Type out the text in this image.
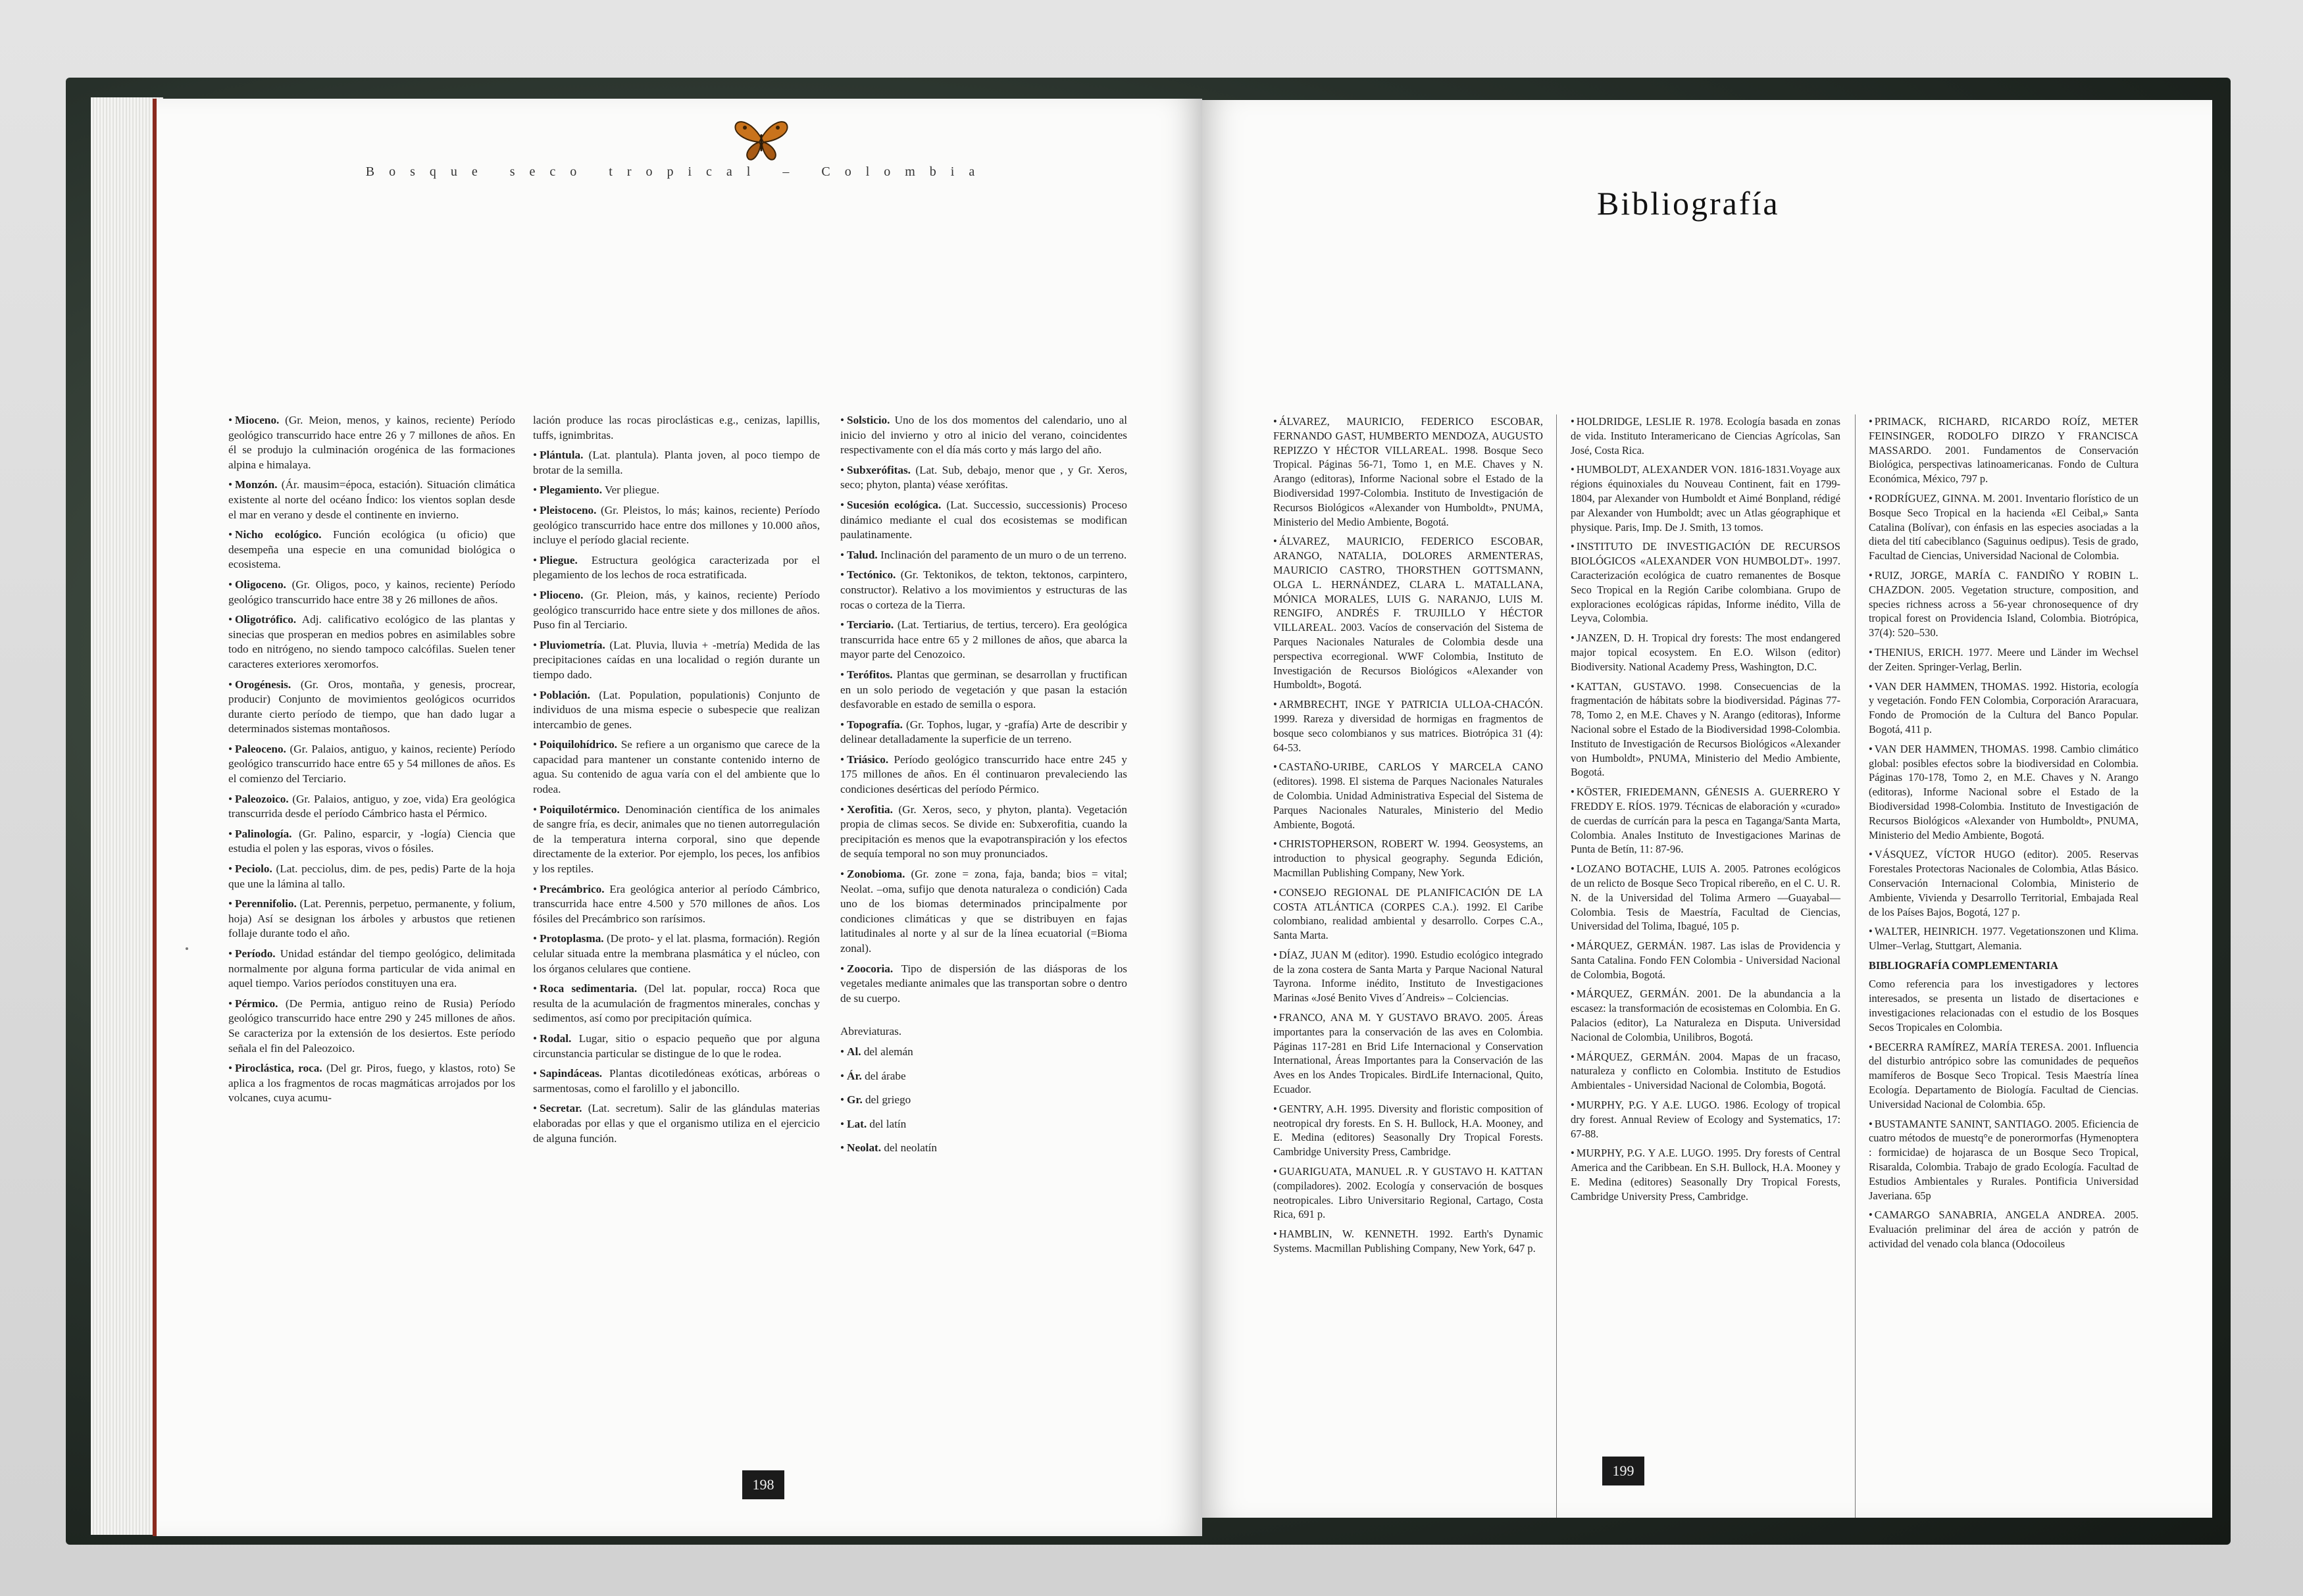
Bosque seco tropical – Colombia
• Mioceno. (Gr. Meion, menos, y kainos, reciente) Período geológico transcurrido hace entre 26 y 7 millones de años. En él se produjo la culminación orogénica de las formaciones alpina e himalaya.
• Monzón. (Ár. mausim=época, estación). Situación climática existente al norte del océano Índico: los vientos soplan desde el mar en verano y desde el continente en invierno.
• Nicho ecológico. Función ecológica (u oficio) que desempeña una especie en una comunidad biológica o ecosistema.
• Oligoceno. (Gr. Oligos, poco, y kainos, reciente) Período geológico transcurrido hace entre 38 y 26 millones de años.
• Oligotrófico. Adj. calificativo ecológico de las plantas y sinecias que prosperan en medios pobres en asimilables sobre todo en nitrógeno, no siendo tampoco calcófilas. Suelen tener caracteres exteriores xeromorfos.
• Orogénesis. (Gr. Oros, montaña, y genesis, procrear, producir) Conjunto de movimientos geológicos ocurridos durante cierto período de tiempo, que han dado lugar a determinados sistemas montañosos.
• Paleoceno. (Gr. Palaios, antiguo, y kainos, reciente) Período geológico transcurrido hace entre 65 y 54 millones de años. Es el comienzo del Terciario.
• Paleozoico. (Gr. Palaios, antiguo, y zoe, vida) Era geológica transcurrida desde el período Cámbrico hasta el Pérmico.
• Palinología. (Gr. Palino, esparcir, y -logía) Ciencia que estudia el polen y las esporas, vivos o fósiles.
• Peciolo. (Lat. pecciolus, dim. de pes, pedis) Parte de la hoja que une la lámina al tallo.
• Perennifolio. (Lat. Perennis, perpetuo, permanente, y folium, hoja) Así se designan los árboles y arbustos que retienen follaje durante todo el año.
• Período. Unidad estándar del tiempo geológico, delimitada normalmente por alguna forma particular de vida animal en aquel tiempo. Varios períodos constituyen una era.
• Pérmico. (De Permia, antiguo reino de Rusia) Período geológico transcurrido hace entre 290 y 245 millones de años. Se caracteriza por la extensión de los desiertos. Este período señala el fin del Paleozoico.
• Piroclástica, roca. (Del gr. Piros, fuego, y klastos, roto) Se aplica a los fragmentos de rocas magmáticas arrojados por los volcanes, cuya acumu-
lación produce las rocas piroclásticas e.g., cenizas, lapillis, tuffs, ignimbritas.
• Plántula. (Lat. plantula). Planta joven, al poco tiempo de brotar de la semilla.
• Plegamiento. Ver pliegue.
• Pleistoceno. (Gr. Pleistos, lo más; kainos, reciente) Período geológico transcurrido hace entre dos millones y 10.000 años, incluye el período glacial reciente.
• Pliegue. Estructura geológica caracterizada por el plegamiento de los lechos de roca estratificada.
• Plioceno. (Gr. Pleion, más, y kainos, reciente) Período geológico transcurrido hace entre siete y dos millones de años. Puso fin al Terciario.
• Pluviometría. (Lat. Pluvia, lluvia + -metría) Medida de las precipitaciones caídas en una localidad o región durante un tiempo dado.
• Población. (Lat. Population, populationis) Conjunto de individuos de una misma especie o subespecie que realizan intercambio de genes.
• Poiquilohídrico. Se refiere a un organismo que carece de la capacidad para mantener un constante contenido interno de agua. Su contenido de agua varía con el del ambiente que lo rodea.
• Poiquilotérmico. Denominación científica de los animales de sangre fría, es decir, animales que no tienen autorregulación de la temperatura interna corporal, sino que depende directamente de la exterior. Por ejemplo, los peces, los anfibios y los reptiles.
• Precámbrico. Era geológica anterior al período Cámbrico, transcurrida hace entre 4.500 y 570 millones de años. Los fósiles del Precámbrico son rarísimos.
• Protoplasma. (De proto- y el lat. plasma, formación). Región celular situada entre la membrana plasmática y el núcleo, con los órganos celulares que contiene.
• Roca sedimentaria. (Del lat. popular, rocca) Roca que resulta de la acumulación de fragmentos minerales, conchas y sedimentos, así como por precipitación química.
• Rodal. Lugar, sitio o espacio pequeño que por alguna circunstancia particular se distingue de lo que le rodea.
• Sapindáceas. Plantas dicotiledóneas exóticas, arbóreas o sarmentosas, como el farolillo y el jaboncillo.
• Secretar. (Lat. secretum). Salir de las glándulas materias elaboradas por ellas y que el organismo utiliza en el ejercicio de alguna función.
• Solsticio. Uno de los dos momentos del calendario, uno al inicio del invierno y otro al inicio del verano, coincidentes respectivamente con el día más corto y más largo del año.
• Subxerófitas. (Lat. Sub, debajo, menor que , y Gr. Xeros, seco; phyton, planta) véase xerófitas.
• Sucesión ecológica. (Lat. Successio, successionis) Proceso dinámico mediante el cual dos ecosistemas se modifican paulatinamente.
• Talud. Inclinación del paramento de un muro o de un terreno.
• Tectónico. (Gr. Tektonikos, de tekton, tektonos, carpintero, constructor). Relativo a los movimientos y estructuras de las rocas o corteza de la Tierra.
• Terciario. (Lat. Tertiarius, de tertius, tercero). Era geológica transcurrida hace entre 65 y 2 millones de años, que abarca la mayor parte del Cenozoico.
• Terófitos. Plantas que germinan, se desarrollan y fructifican en un solo periodo de vegetación y que pasan la estación desfavorable en estado de semilla o espora.
• Topografía. (Gr. Tophos, lugar, y -grafía) Arte de describir y delinear detalladamente la superficie de un terreno.
• Triásico. Período geológico transcurrido hace entre 245 y 175 millones de años. En él continuaron prevaleciendo las condiciones desérticas del período Pérmico.
• Xerofitia. (Gr. Xeros, seco, y phyton, planta). Vegetación propia de climas secos. Se divide en: Subxerofitia, cuando la precipitación es menos que la evapotranspiración y los efectos de sequía temporal no son muy pronunciados.
• Zonobioma. (Gr. zone = zona, faja, banda; bios = vital; Neolat. –oma, sufijo que denota naturaleza o condición) Cada uno de los biomas determinados principalmente por condiciones climáticas y que se distribuyen en fajas latitudinales al norte y al sur de la línea ecuatorial (=Bioma zonal).
• Zoocoria. Tipo de dispersión de las diásporas de los vegetales mediante animales que las transportan sobre o dentro de su cuerpo.
Abreviaturas.
• Al. del alemán
• Ár. del árabe
• Gr. del griego
• Lat. del latín
• Neolat. del neolatín
198
Bibliografía
• ÁLVAREZ, MAURICIO, FEDERICO ESCOBAR, FERNANDO GAST, HUMBERTO MENDOZA, AUGUSTO REPIZZO Y HÉCTOR VILLAREAL. 1998. Bosque Seco Tropical. Páginas 56-71, Tomo 1, en M.E. Chaves y N. Arango (editoras), Informe Nacional sobre el Estado de la Biodiversidad 1997-Colombia. Instituto de Investigación de Recursos Biológicos «Alexander von Humboldt», PNUMA, Ministerio del Medio Ambiente, Bogotá.
• ÁLVAREZ, MAURICIO, FEDERICO ESCOBAR, ARANGO, NATALIA, DOLORES ARMENTERAS, MAURICIO CASTRO, THORSTHEN GOTTSMANN, OLGA L. HERNÁNDEZ, CLARA L. MATALLANA, MÓNICA MORALES, LUIS G. NARANJO, LUIS M. RENGIFO, ANDRÉS F. TRUJILLO Y HÉCTOR VILLAREAL. 2003. Vacíos de conservación del Sistema de Parques Nacionales Naturales de Colombia desde una perspectiva ecorregional. WWF Colombia, Instituto de Investigación de Recursos Biológicos «Alexander von Humboldt», Bogotá.
• ARMBRECHT, INGE Y PATRICIA ULLOA-CHACÓN. 1999. Rareza y diversidad de hormigas en fragmentos de bosque seco colombianos y sus matrices. Biotrópica 31 (4): 64-53.
• CASTAÑO-URIBE, CARLOS Y MARCELA CANO (editores). 1998. El sistema de Parques Nacionales Naturales de Colombia. Unidad Administrativa Especial del Sistema de Parques Nacionales Naturales, Ministerio del Medio Ambiente, Bogotá.
• CHRISTOPHERSON, ROBERT W. 1994. Geosystems, an introduction to physical geography. Segunda Edición, Macmillan Publishing Company, New York.
• CONSEJO REGIONAL DE PLANIFICACIÓN DE LA COSTA ATLÁNTICA (CORPES C.A.). 1992. El Caribe colombiano, realidad ambiental y desarrollo. Corpes C.A., Santa Marta.
• DÍAZ, JUAN M (editor). 1990. Estudio ecológico integrado de la zona costera de Santa Marta y Parque Nacional Natural Tayrona. Informe inédito, Instituto de Investigaciones Marinas «José Benito Vives d´Andreis» – Colciencias.
• FRANCO, ANA M. Y GUSTAVO BRAVO. 2005. Áreas importantes para la conservación de las aves en Colombia. Páginas 117-281 en Brid Life Internacional y Conservation International, Áreas Importantes para la Conservación de las Aves en los Andes Tropicales. BirdLife Internacional, Quito, Ecuador.
• GENTRY, A.H. 1995. Diversity and floristic composition of neotropical dry forests. En S. H. Bullock, H.A. Mooney, and E. Medina (editores) Seasonally Dry Tropical Forests. Cambridge University Press, Cambridge.
• GUARIGUATA, MANUEL .R. Y GUSTAVO H. KATTAN (compiladores). 2002. Ecología y conservación de bosques neotropicales. Libro Universitario Regional, Cartago, Costa Rica, 691 p.
• HAMBLIN, W. KENNETH. 1992. Earth's Dynamic Systems. Macmillan Publishing Company, New York, 647 p.
• HOLDRIDGE, LESLIE R. 1978. Ecología basada en zonas de vida. Instituto Interamericano de Ciencias Agrícolas, San José, Costa Rica.
• HUMBOLDT, ALEXANDER VON. 1816-1831.Voyage aux régions équinoxiales du Nouveau Continent, fait en 1799-1804, par Alexander von Humboldt et Aimé Bonpland, rédigé par Alexander von Humboldt; avec un Atlas géographique et physique. Paris, Imp. De J. Smith, 13 tomos.
• INSTITUTO DE INVESTIGACIÓN DE RECURSOS BIOLÓGICOS «ALEXANDER VON HUMBOLDT». 1997. Caracterización ecológica de cuatro remanentes de Bosque Seco Tropical en la Región Caribe colombiana. Grupo de exploraciones ecológicas rápidas, Informe inédito, Villa de Leyva, Colombia.
• JANZEN, D. H. Tropical dry forests: The most endangered major topical ecosystem. En E.O. Wilson (editor) Biodiversity. National Academy Press, Washington, D.C.
• KATTAN, GUSTAVO. 1998. Consecuencias de la fragmentación de hábitats sobre la biodiversidad. Páginas 77-78, Tomo 2, en M.E. Chaves y N. Arango (editoras), Informe Nacional sobre el Estado de la Biodiversidad 1998-Colombia. Instituto de Investigación de Recursos Biológicos «Alexander von Humboldt», PNUMA, Ministerio del Medio Ambiente, Bogotá.
• KÖSTER, FRIEDEMANN, GÉNESIS A. GUERRERO Y FREDDY E. RÍOS. 1979. Técnicas de elaboración y «curado» de cuerdas de currícán para la pesca en Taganga/Santa Marta, Colombia. Anales Instituto de Investigaciones Marinas de Punta de Betín, 11: 87-96.
• LOZANO BOTACHE, LUIS A. 2005. Patrones ecológicos de un relicto de Bosque Seco Tropical ribereño, en el C. U. R. N. de la Universidad del Tolima Armero —Guayabal— Colombia. Tesis de Maestría, Facultad de Ciencias, Universidad del Tolima, Ibagué, 105 p.
• MÁRQUEZ, GERMÁN. 1987. Las islas de Providencia y Santa Catalina. Fondo FEN Colombia - Universidad Nacional de Colombia, Bogotá.
• MÁRQUEZ, GERMÁN. 2001. De la abundancia a la escasez: la transformación de ecosistemas en Colombia. En G. Palacios (editor), La Naturaleza en Disputa. Universidad Nacional de Colombia, Unilibros, Bogotá.
• MÁRQUEZ, GERMÁN. 2004. Mapas de un fracaso, naturaleza y conflicto en Colombia. Instituto de Estudios Ambientales - Universidad Nacional de Colombia, Bogotá.
• MURPHY, P.G. Y A.E. LUGO. 1986. Ecology of tropical dry forest. Annual Review of Ecology and Systematics, 17: 67-88.
• MURPHY, P.G. Y A.E. LUGO. 1995. Dry forests of Central America and the Caribbean. En S.H. Bullock, H.A. Mooney y E. Medina (editores) Seasonally Dry Tropical Forests, Cambridge University Press, Cambridge.
• PRIMACK, RICHARD, RICARDO ROÍZ, METER FEINSINGER, RODOLFO DIRZO Y FRANCISCA MASSARDO. 2001. Fundamentos de Conservación Biológica, perspectivas latinoamericanas. Fondo de Cultura Económica, México, 797 p.
• RODRÍGUEZ, GINNA. M. 2001. Inventario florístico de un Bosque Seco Tropical en la hacienda «El Ceibal,» Santa Catalina (Bolívar), con énfasis en las especies asociadas a la dieta del tití cabeciblanco (Saguinus oedipus). Tesis de grado, Facultad de Ciencias, Universidad Nacional de Colombia.
• RUIZ, JORGE, MARÍA C. FANDIÑO Y ROBIN L. CHAZDON. 2005. Vegetation structure, composition, and species richness across a 56-year chronosequence of dry tropical forest on Providencia Island, Colombia. Biotrópica, 37(4): 520–530.
• THENIUS, ERICH. 1977. Meere und Länder im Wechsel der Zeiten. Springer-Verlag, Berlin.
• VAN DER HAMMEN, THOMAS. 1992. Historia, ecología y vegetación. Fondo FEN Colombia, Corporación Araracuara, Fondo de Promoción de la Cultura del Banco Popular. Bogotá, 411 p.
• VAN DER HAMMEN, THOMAS. 1998. Cambio climático global: posibles efectos sobre la biodiversidad en Colombia. Páginas 170-178, Tomo 2, en M.E. Chaves y N. Arango (editoras), Informe Nacional sobre el Estado de la Biodiversidad 1998-Colombia. Instituto de Investigación de Recursos Biológicos «Alexander von Humboldt», PNUMA, Ministerio del Medio Ambiente, Bogotá.
• VÁSQUEZ, VÍCTOR HUGO (editor). 2005. Reservas Forestales Protectoras Nacionales de Colombia, Atlas Básico. Conservación Internacional Colombia, Ministerio de Ambiente, Vivienda y Desarrollo Territorial, Embajada Real de los Países Bajos, Bogotá, 127 p.
• WALTER, HEINRICH. 1977. Vegetationszonen und Klima. Ulmer–Verlag, Stuttgart, Alemania.
BIBLIOGRAFÍA COMPLEMENTARIA
Como referencia para los investigadores y lectores interesados, se presenta un listado de disertaciones e investigaciones relacionadas con el estudio de los Bosques Secos Tropicales en Colombia.
• BECERRA RAMÍREZ, MARÍA TERESA. 2001. Influencia del disturbio antrópico sobre las comunidades de pequeños mamíferos de Bosque Seco Tropical. Tesis Maestría línea Ecología. Departamento de Biología. Facultad de Ciencias. Universidad Nacional de Colombia. 65p.
• BUSTAMANTE SANINT, SANTIAGO. 2005. Eficiencia de cuatro métodos de muestq°e de ponerormorfas (Hymenoptera : formicidae) de hojarasca de un Bosque Seco Tropical, Risaralda, Colombia. Trabajo de grado Ecología. Facultad de Estudios Ambientales y Rurales. Pontificia Universidad Javeriana. 65p
• CAMARGO SANABRIA, ANGELA ANDREA. 2005. Evaluación preliminar del área de acción y patrón de actividad del venado cola blanca (Odocoileus
199
